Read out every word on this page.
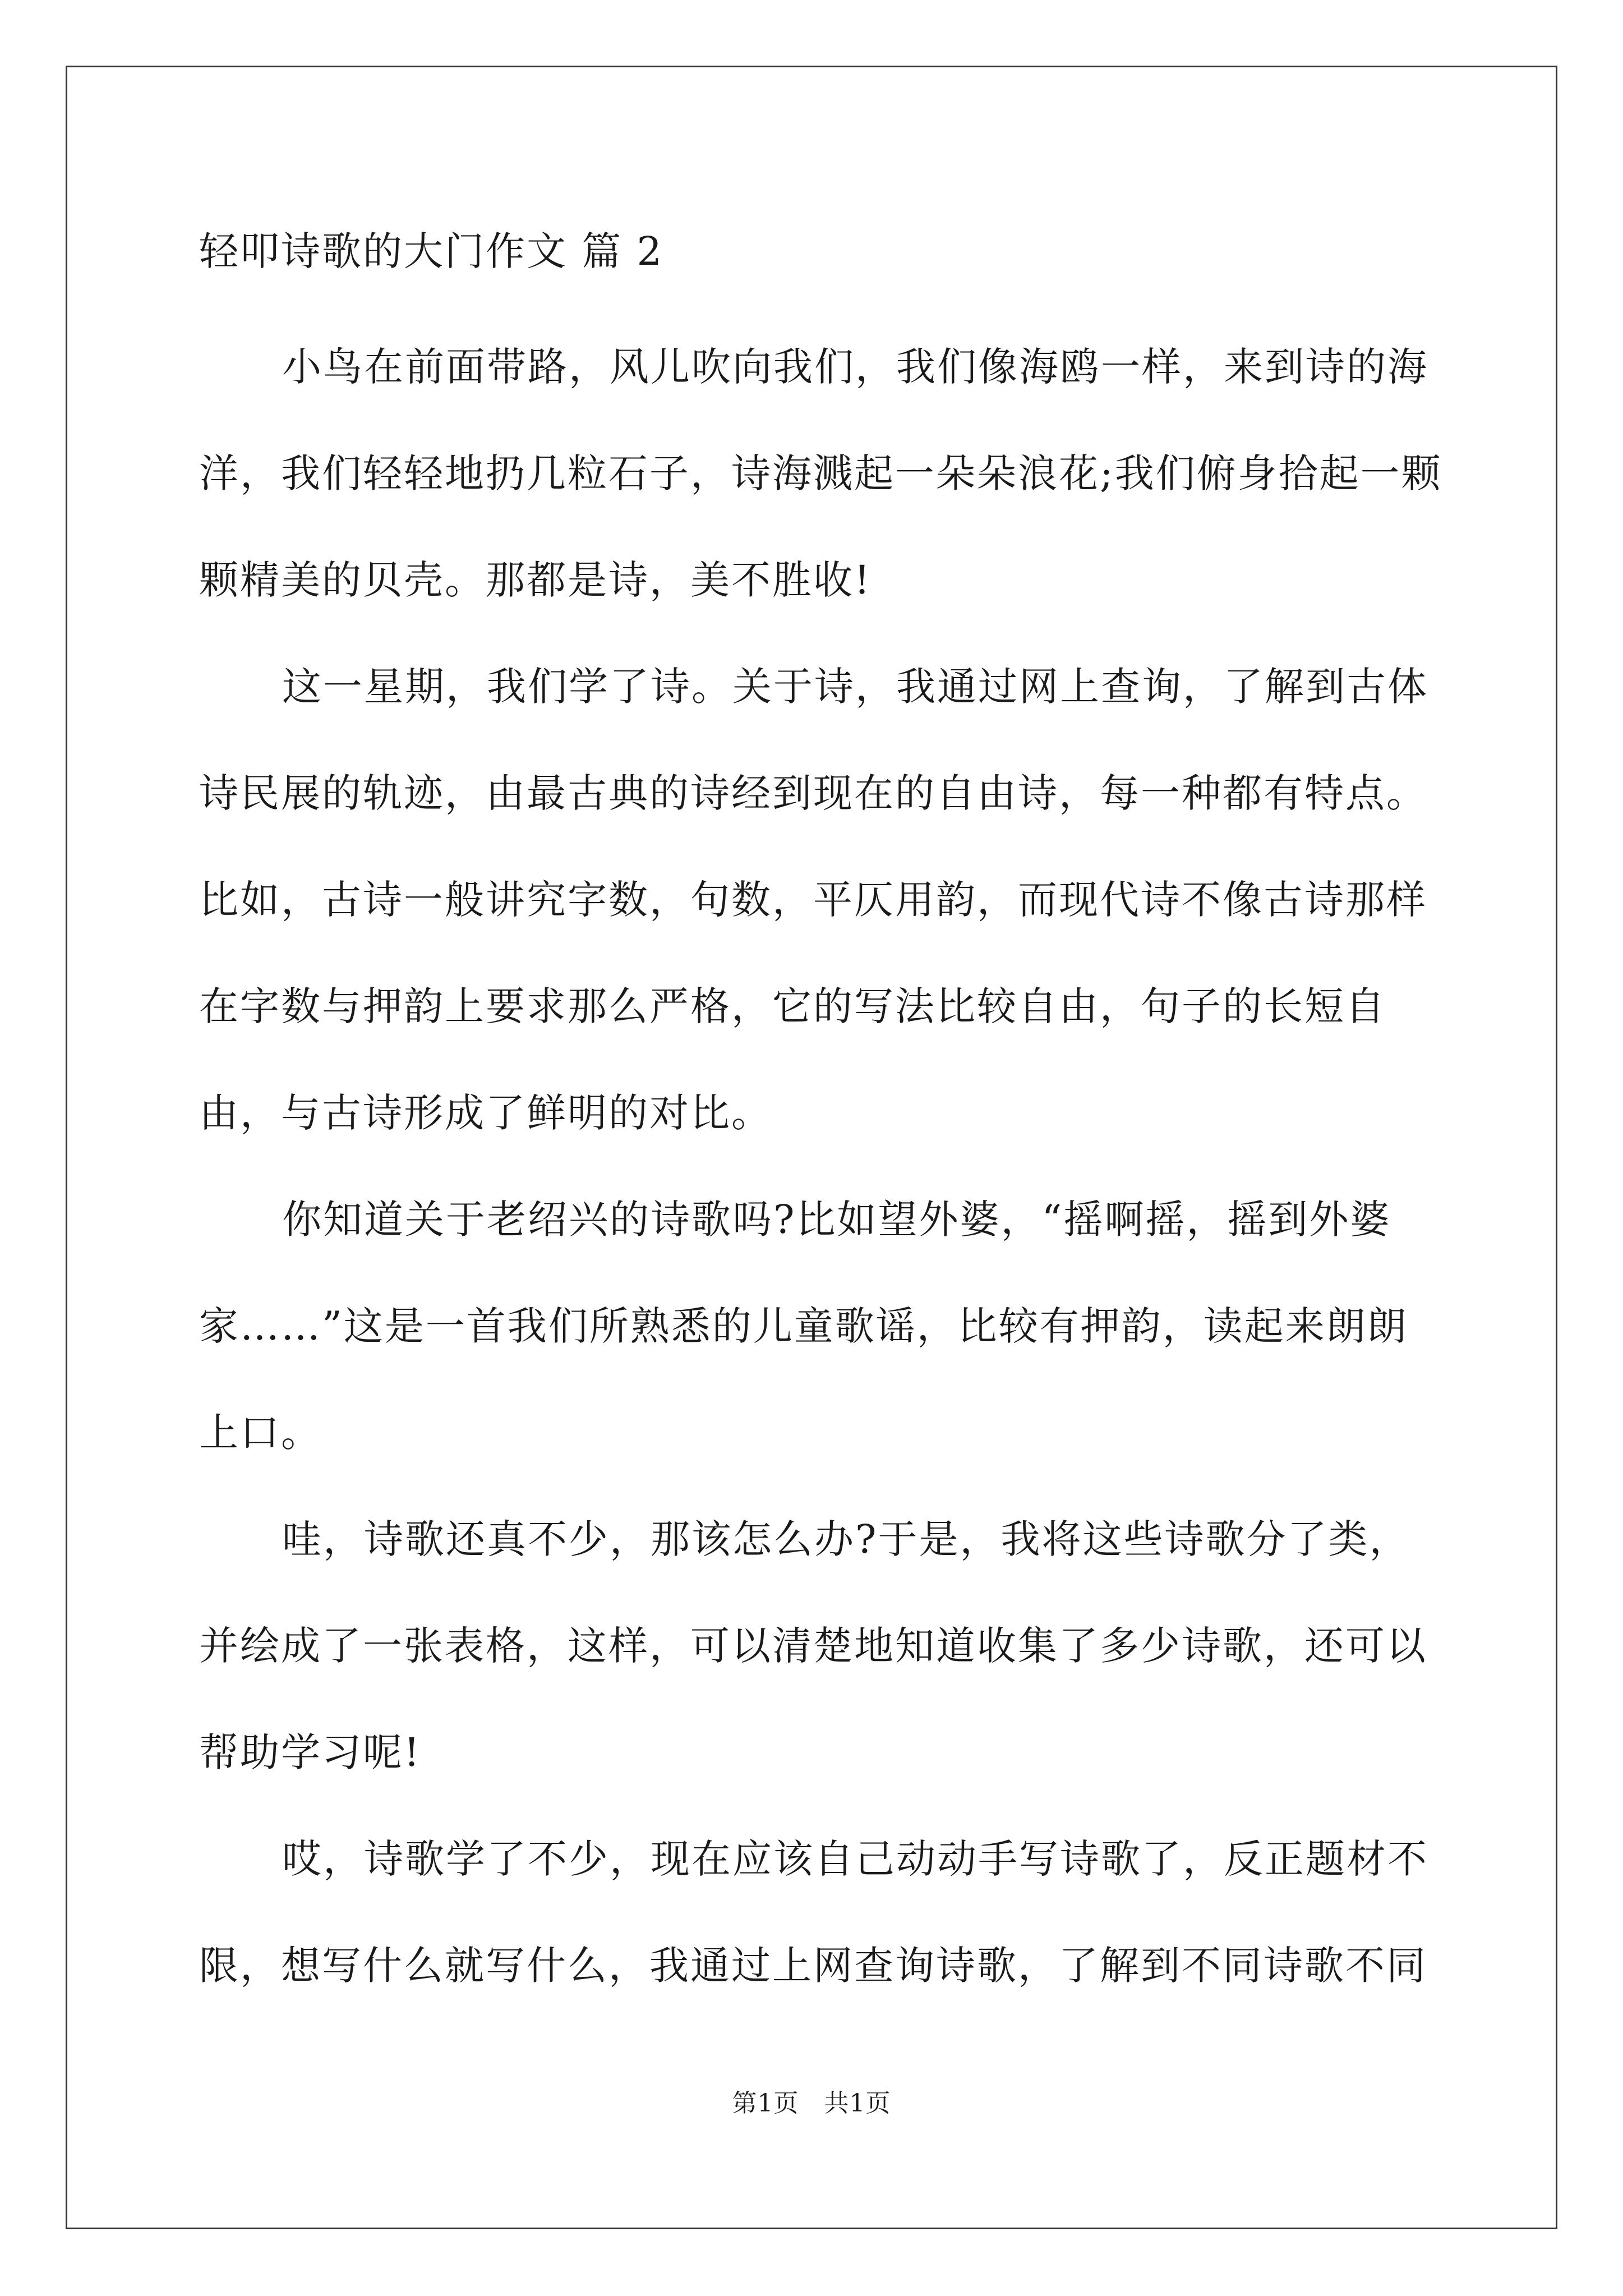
轻叩诗歌的大门作文 篇 2

小鸟在前面带路，风儿吹向我们，我们像海鸥一样，来到诗的海洋，我们轻轻地扔几粒石子，诗海溅起一朵朵浪花;我们俯身拾起一颗颗精美的贝壳。那都是诗，美不胜收!

这一星期，我们学了诗。关于诗，我通过网上查询，了解到古体诗民展的轨迹，由最古典的诗经到现在的自由诗，每一种都有特点。比如，古诗一般讲究字数，句数，平仄用韵，而现代诗不像古诗那样在字数与押韵上要求那么严格，它的写法比较自由，句子的长短自由，与古诗形成了鲜明的对比。

你知道关于老绍兴的诗歌吗?比如望外婆，“摇啊摇，摇到外婆家……”这是一首我们所熟悉的儿童歌谣，比较有押韵，读起来朗朗上口。

哇，诗歌还真不少，那该怎么办?于是，我将这些诗歌分了类，并绘成了一张表格，这样，可以清楚地知道收集了多少诗歌，还可以帮助学习呢!

哎，诗歌学了不少，现在应该自己动动手写诗歌了，反正题材不限，想写什么就写什么，我通过上网查询诗歌，了解到不同诗歌不同

第1页　共1页
